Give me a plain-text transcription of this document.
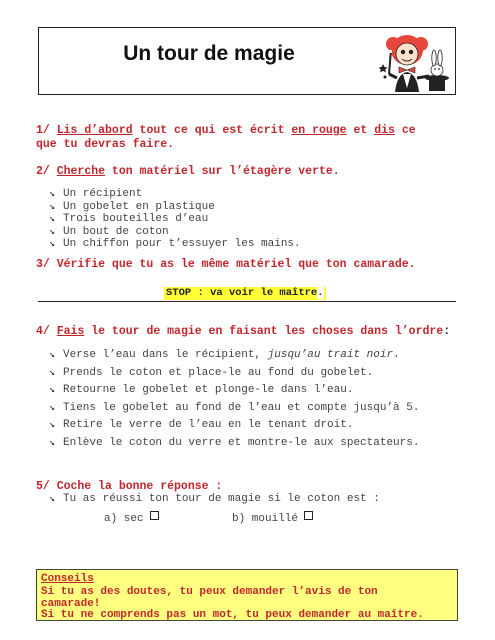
Un tour de magie
1/ Lis d’abord tout ce qui est écrit en rouge et dis ce
que tu devras faire.
2/ Cherche ton matériel sur l’étagère verte.
↘ Un récipient
↘ Un gobelet en plastique
↘ Trois bouteilles d’eau
↘ Un bout de coton
↘ Un chiffon pour t’essuyer les mains.
3/ Vérifie que tu as le même matériel que ton camarade.
STOP : va voir le maître.
4/ Fais le tour de magie en faisant les choses dans l’ordre:
↘ Verse l’eau dans le récipient, jusqu’au trait noir.
↘ Prends le coton et place-le au fond du gobelet.
↘ Retourne le gobelet et plonge-le dans l’eau.
↘ Tiens le gobelet au fond de l’eau et compte jusqu’à 5.
↘ Retire le verre de l’eau en le tenant droit.
↘ Enlève le coton du verre et montre-le aux spectateurs.
5/ Coche la bonne réponse :
↘ Tu as réussi ton tour de magie si le coton est :
a) sec	b) mouillé
Conseils
Si tu as des doutes, tu peux demander l’avis de ton
camarade!
Si tu ne comprends pas un mot, tu peux demander au maître.
